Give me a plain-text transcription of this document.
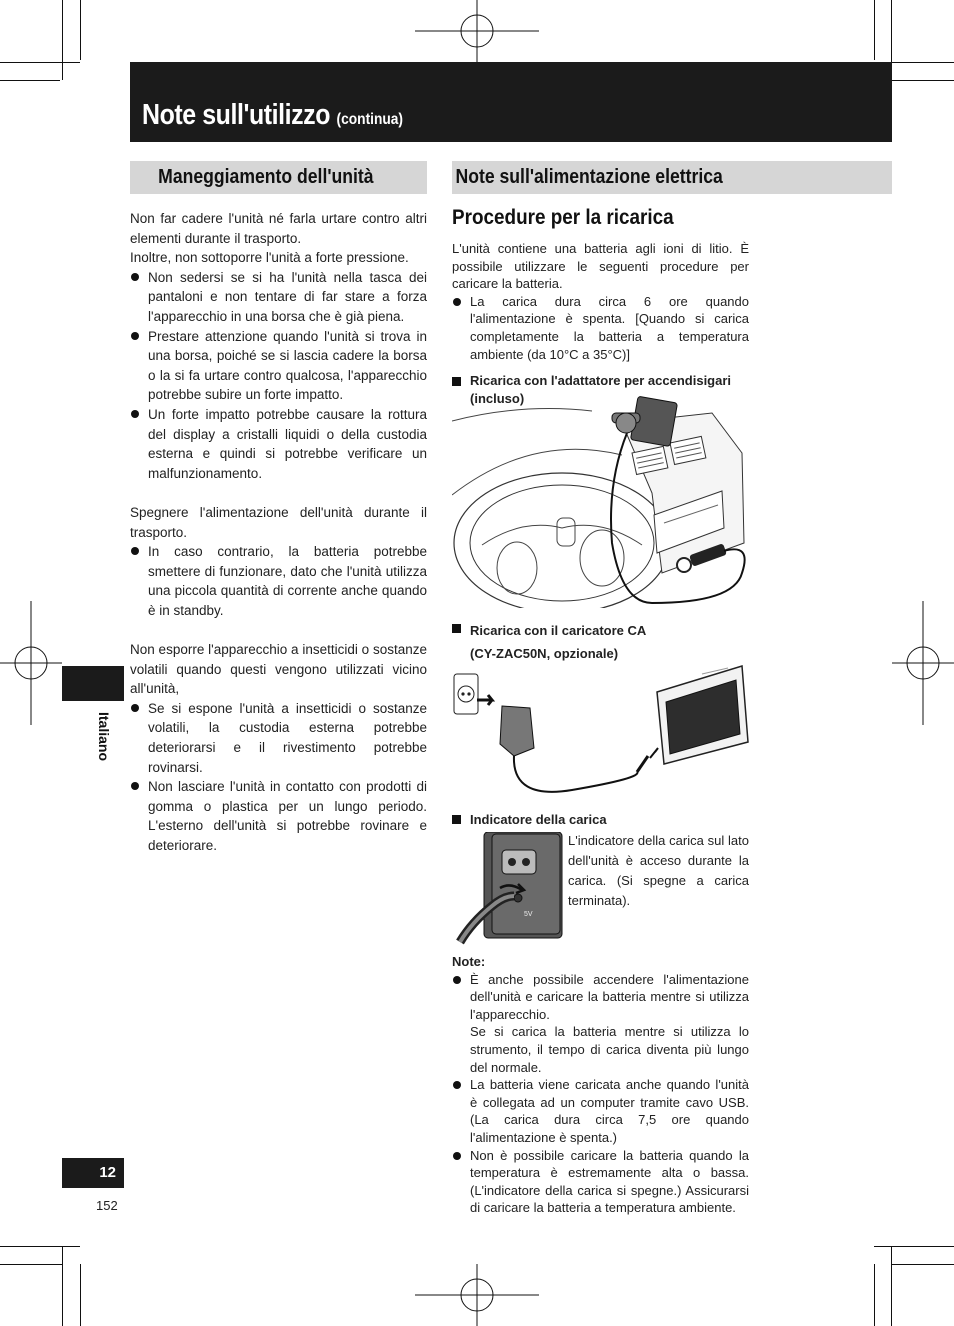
Note sull'utilizzo (continua)
Maneggiamento dell'unità	Note sull'alimentazione elettrica

Non far cadere l'unità né farla urtare contro altri elementi durante il trasporto.

Inoltre, non sottoporre l'unità a forte pressione.

Non sedersi se si ha l'unità nella tasca dei pantaloni e non tentare di far stare a forza l'apparecchio in una borsa che è già piena.
Prestare attenzione quando l'unità si trova in una borsa, poiché se si lascia cadere la borsa o la si fa urtare contro qualcosa, l'apparecchio potrebbe subire un forte impatto.
Un forte impatto potrebbe causare la rottura del display a cristalli liquidi o della custodia esterna e quindi si potrebbe verificare un malfunzionamento.

Spegnere l'alimentazione dell'unità durante il trasporto.

In caso contrario, la batteria potrebbe smettere di funzionare, dato che l'unità utilizza una piccola quantità di corrente anche quando è in standby.

Non esporre l'apparecchio a insetticidi o sostanze volatili quando questi vengono utilizzati vicino all'unità,

Se si espone l'unità a insetticidi o sostanze volatili, la custodia esterna potrebbe deteriorarsi e il rivestimento potrebbe rovinarsi.
Non lasciare l'unità in contatto con prodotti di gomma o plastica per un lungo periodo. L'esterno dell'unità si potrebbe rovinare e deteriorare.
Procedure per la ricarica

L'unità contiene una batteria agli ioni di litio. È possibile utilizzare le seguenti procedure per caricare la batteria.

La carica dura circa 6 ore quando l'alimentazione è spenta. [Quando si carica completamente la batteria a temperatura ambiente (da 10°C a 35°C)]
Ricarica con l'adattatore per accendisigari (incluso)
Ricarica con il caricatore CA
(CY-ZAC50N, opzionale)
Indicatore della carica
5V

L'indicatore della carica sul lato dell'unità è acceso durante la carica. (Si spegne a carica terminata).

Note:
È anche possibile accendere l'alimentazione dell'unità e caricare la batteria mentre si utilizza l'apparecchio.
Se si carica la batteria mentre si utilizza lo strumento, il tempo di carica diventa più lungo del normale.
La batteria viene caricata anche quando l'unità è collegata ad un computer tramite cavo USB. (La carica dura circa 7,5 ore quando l'alimentazione è spenta.)
Non è possibile caricare la batteria quando la temperatura è estremamente alta o bassa. (L'indicatore della carica si spegne.) Assicurarsi di caricare la batteria a temperatura ambiente.
Italiano
12
152
